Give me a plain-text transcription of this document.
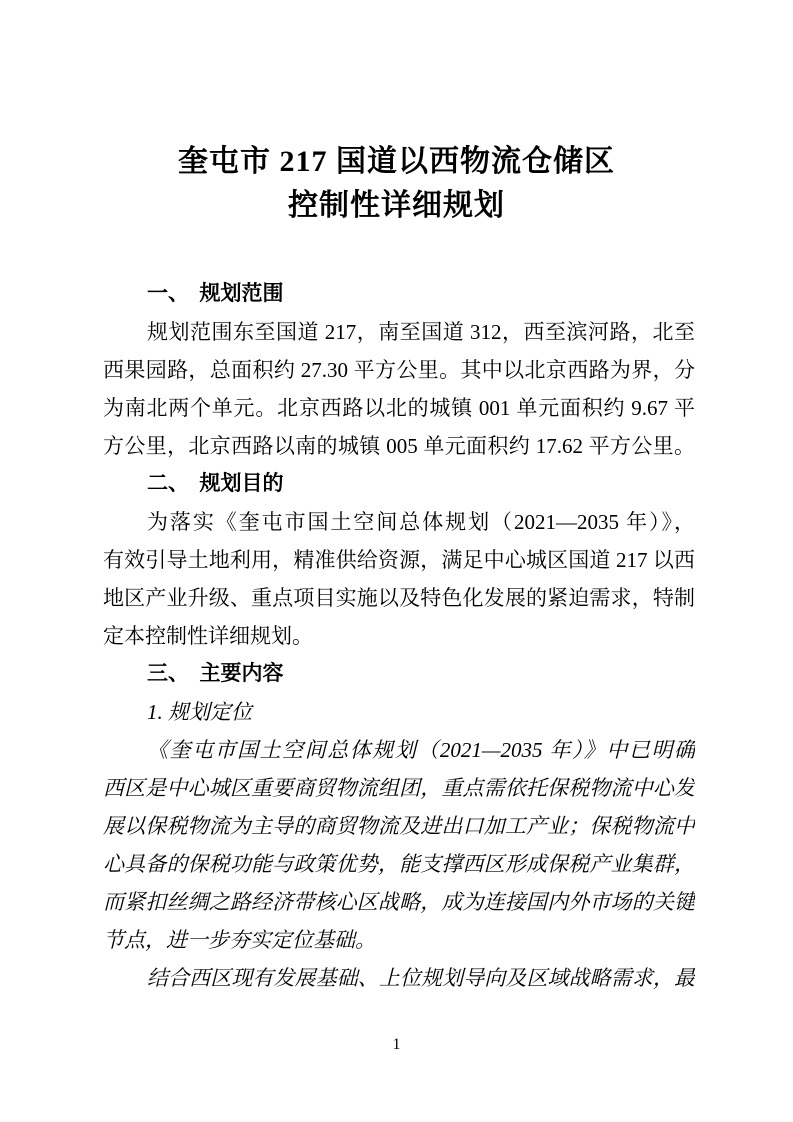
奎屯市 217 国道以西物流仓储区
控制性详细规划
一、　规划范围
规划范围东至国道 217，南至国道 312，西至滨河路，北至
西果园路，总面积约 27.30 平方公里。其中以北京西路为界，分
为南北两个单元。北京西路以北的城镇 001 单元面积约 9.67 平
方公里，北京西路以南的城镇 005 单元面积约 17.62 平方公里。
二、　规划目的
为落实《奎屯市国土空间总体规划（2021—2035 年）》，
有效引导土地利用，精准供给资源，满足中心城区国道 217 以西
地区产业升级、重点项目实施以及特色化发展的紧迫需求，特制
定本控制性详细规划。
三、　主要内容
1. 规划定位
《奎屯市国土空间总体规划（2021—2035 年）》中已明确
西区是中心城区重要商贸物流组团，重点需依托保税物流中心发
展以保税物流为主导的商贸物流及进出口加工产业；保税物流中
心具备的保税功能与政策优势，能支撑西区形成保税产业集群，
而紧扣丝绸之路经济带核心区战略，成为连接国内外市场的关键
节点，进一步夯实定位基础。
结合西区现有发展基础、上位规划导向及区域战略需求，最
1
